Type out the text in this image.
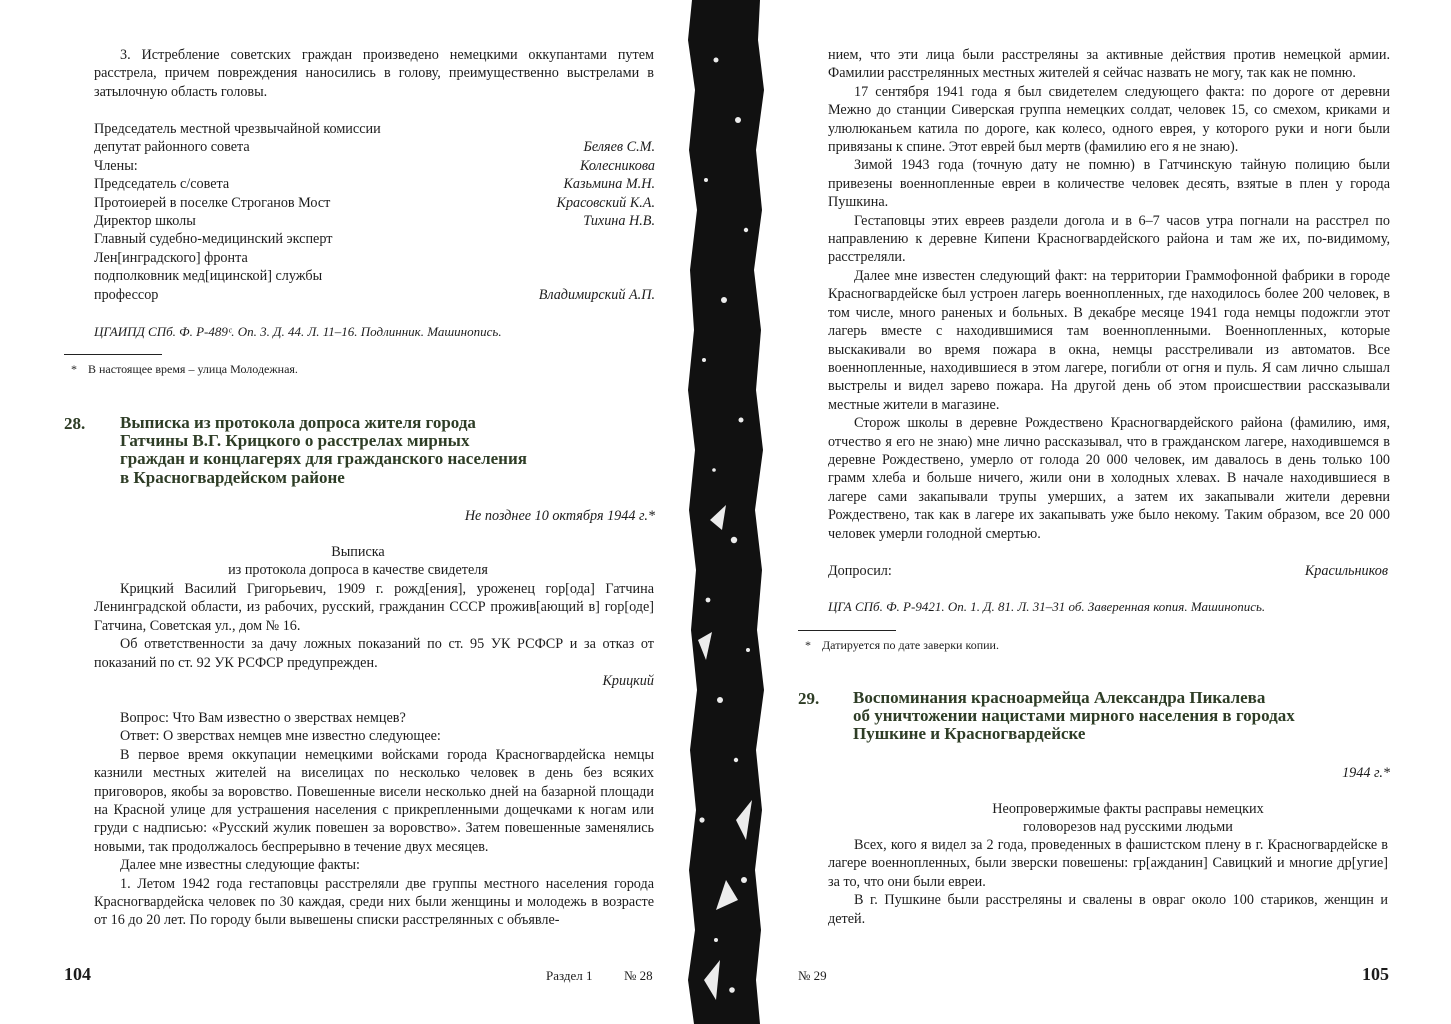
3. Истребление советских граждан произведено немецкими оккупантами путем расстрела, причем повреждения наносились в голову, преимущественно выстрелами в затылочную область головы.

Председатель местной чрезвычайной комиссии
депутат районного совета	Беляев С.М.
Члены:	Колесникова
Председатель с/совета	Казьмина М.Н.
Протоиерей в поселке Строганов Мост	Красовский К.А.
Директор школы	Тихина Н.В.
Главный судебно-медицинский эксперт
Лен[инградского] фронта
подполковник мед[ицинской] службы
профессор	Владимирский А.П.
ЦГАИПД СПб. Ф. Р-489ᶜ. Оп. 3. Д. 44. Л. 11–16. Подлинник. Машинопись.
* В настоящее время – улица Молодежная.
28. Выписка из протокола допроса жителя города
Гатчины В.Г. Крицкого о расстрелах мирных
граждан и концлагерях для гражданского населения
в Красногвардейском районе
Не позднее 10 октября 1944 г.*
Выписка
из протокола допроса в качестве свидетеля

Крицкий Василий Григорьевич, 1909 г. рожд[ения], уроженец гор[ода] Гатчина Ленинградской области, из рабочих, русский, гражданин СССР прожив[ающий в] гор[оде] Гатчина, Советская ул., дом № 16.

Об ответственности за дачу ложных показаний по ст. 95 УК РСФСР и за отказ от показаний по ст. 92 УК РСФСР предупрежден.

Крицкий

Вопрос: Что Вам известно о зверствах немцев?

Ответ: О зверствах немцев мне известно следующее:

В первое время оккупации немецкими войсками города Красногвардейска немцы казнили местных жителей на виселицах по несколько человек в день без всяких приговоров, якобы за воровство. Повешенные висели несколько дней на базарной площади на Красной улице для устрашения населения с прикрепленными дощечками к ногам или груди с надписью: «Русский жулик повешен за воровство». Затем повешенные заменялись новыми, так продолжалось беспрерывно в течение двух месяцев.

Далее мне известны следующие факты:

1. Летом 1942 года гестаповцы расстреляли две группы местного населения города Красногвардейска человек по 30 каждая, среди них были женщины и молодежь в возрасте от 16 до 20 лет. По городу были вывешены списки расстрелянных с объявле-

104	Раздел 1 № 28

нием, что эти лица были расстреляны за активные действия против немецкой армии. Фамилии расстрелянных местных жителей я сейчас назвать не могу, так как не помню.

17 сентября 1941 года я был свидетелем следующего факта: по дороге от деревни Межно до станции Сиверская группа немецких солдат, человек 15, со смехом, криками и улюлюканьем катила по дороге, как колесо, одного еврея, у которого руки и ноги были привязаны к спине. Этот еврей был мертв (фамилию его я не знаю).

Зимой 1943 года (точную дату не помню) в Гатчинскую тайную полицию были привезены военнопленные евреи в количестве человек десять, взятые в плен у города Пушкина.

Гестаповцы этих евреев раздели догола и в 6–7 часов утра погнали на расстрел по направлению к деревне Кипени Красногвардейского района и там же их, по-видимому, расстреляли.

Далее мне известен следующий факт: на территории Граммофонной фабрики в городе Красногвардейске был устроен лагерь военнопленных, где находилось более 200 человек, в том числе, много раненых и больных. В декабре месяце 1941 года немцы подожгли этот лагерь вместе с находившимися там военнопленными. Военнопленных, которые выскакивали во время пожара в окна, немцы расстреливали из автоматов. Все военнопленные, находившиеся в этом лагере, погибли от огня и пуль. Я сам лично слышал выстрелы и видел зарево пожара. На другой день об этом происшествии рассказывали местные жители в магазине.

Сторож школы в деревне Рождествено Красногвардейского района (фамилию, имя, отчество я его не знаю) мне лично рассказывал, что в гражданском лагере, находившемся в деревне Рождествено, умерло от голода 20 000 человек, им давалось в день только 100 грамм хлеба и больше ничего, жили они в холодных хлевах. В начале находившиеся в лагере сами закапывали трупы умерших, а затем их закапывали жители деревни Рождествено, так как в лагере их закапывать уже было некому. Таким образом, все 20 000 человек умерли голодной смертью.

Допросил:	Красильников
ЦГА СПб. Ф. Р-9421. Оп. 1. Д. 81. Л. 31–31 об. Заверенная копия. Машинопись.
* Датируется по дате заверки копии.
29. Воспоминания красноармейца Александра Пикалева
об уничтожении нацистами мирного населения в городах
Пушкине и Красногвардейске
1944 г.*
Неопровержимые факты расправы немецких
головорезов над русскими людьми

Всех, кого я видел за 2 года, проведенных в фашистском плену в г. Красногвардейске в лагере военнопленных, были зверски повешены: гр[ажданин] Савицкий и многие др[угие] за то, что они были евреи.

В г. Пушкине были расстреляны и свалены в овраг около 100 стариков, женщин и детей.

№ 29	105
